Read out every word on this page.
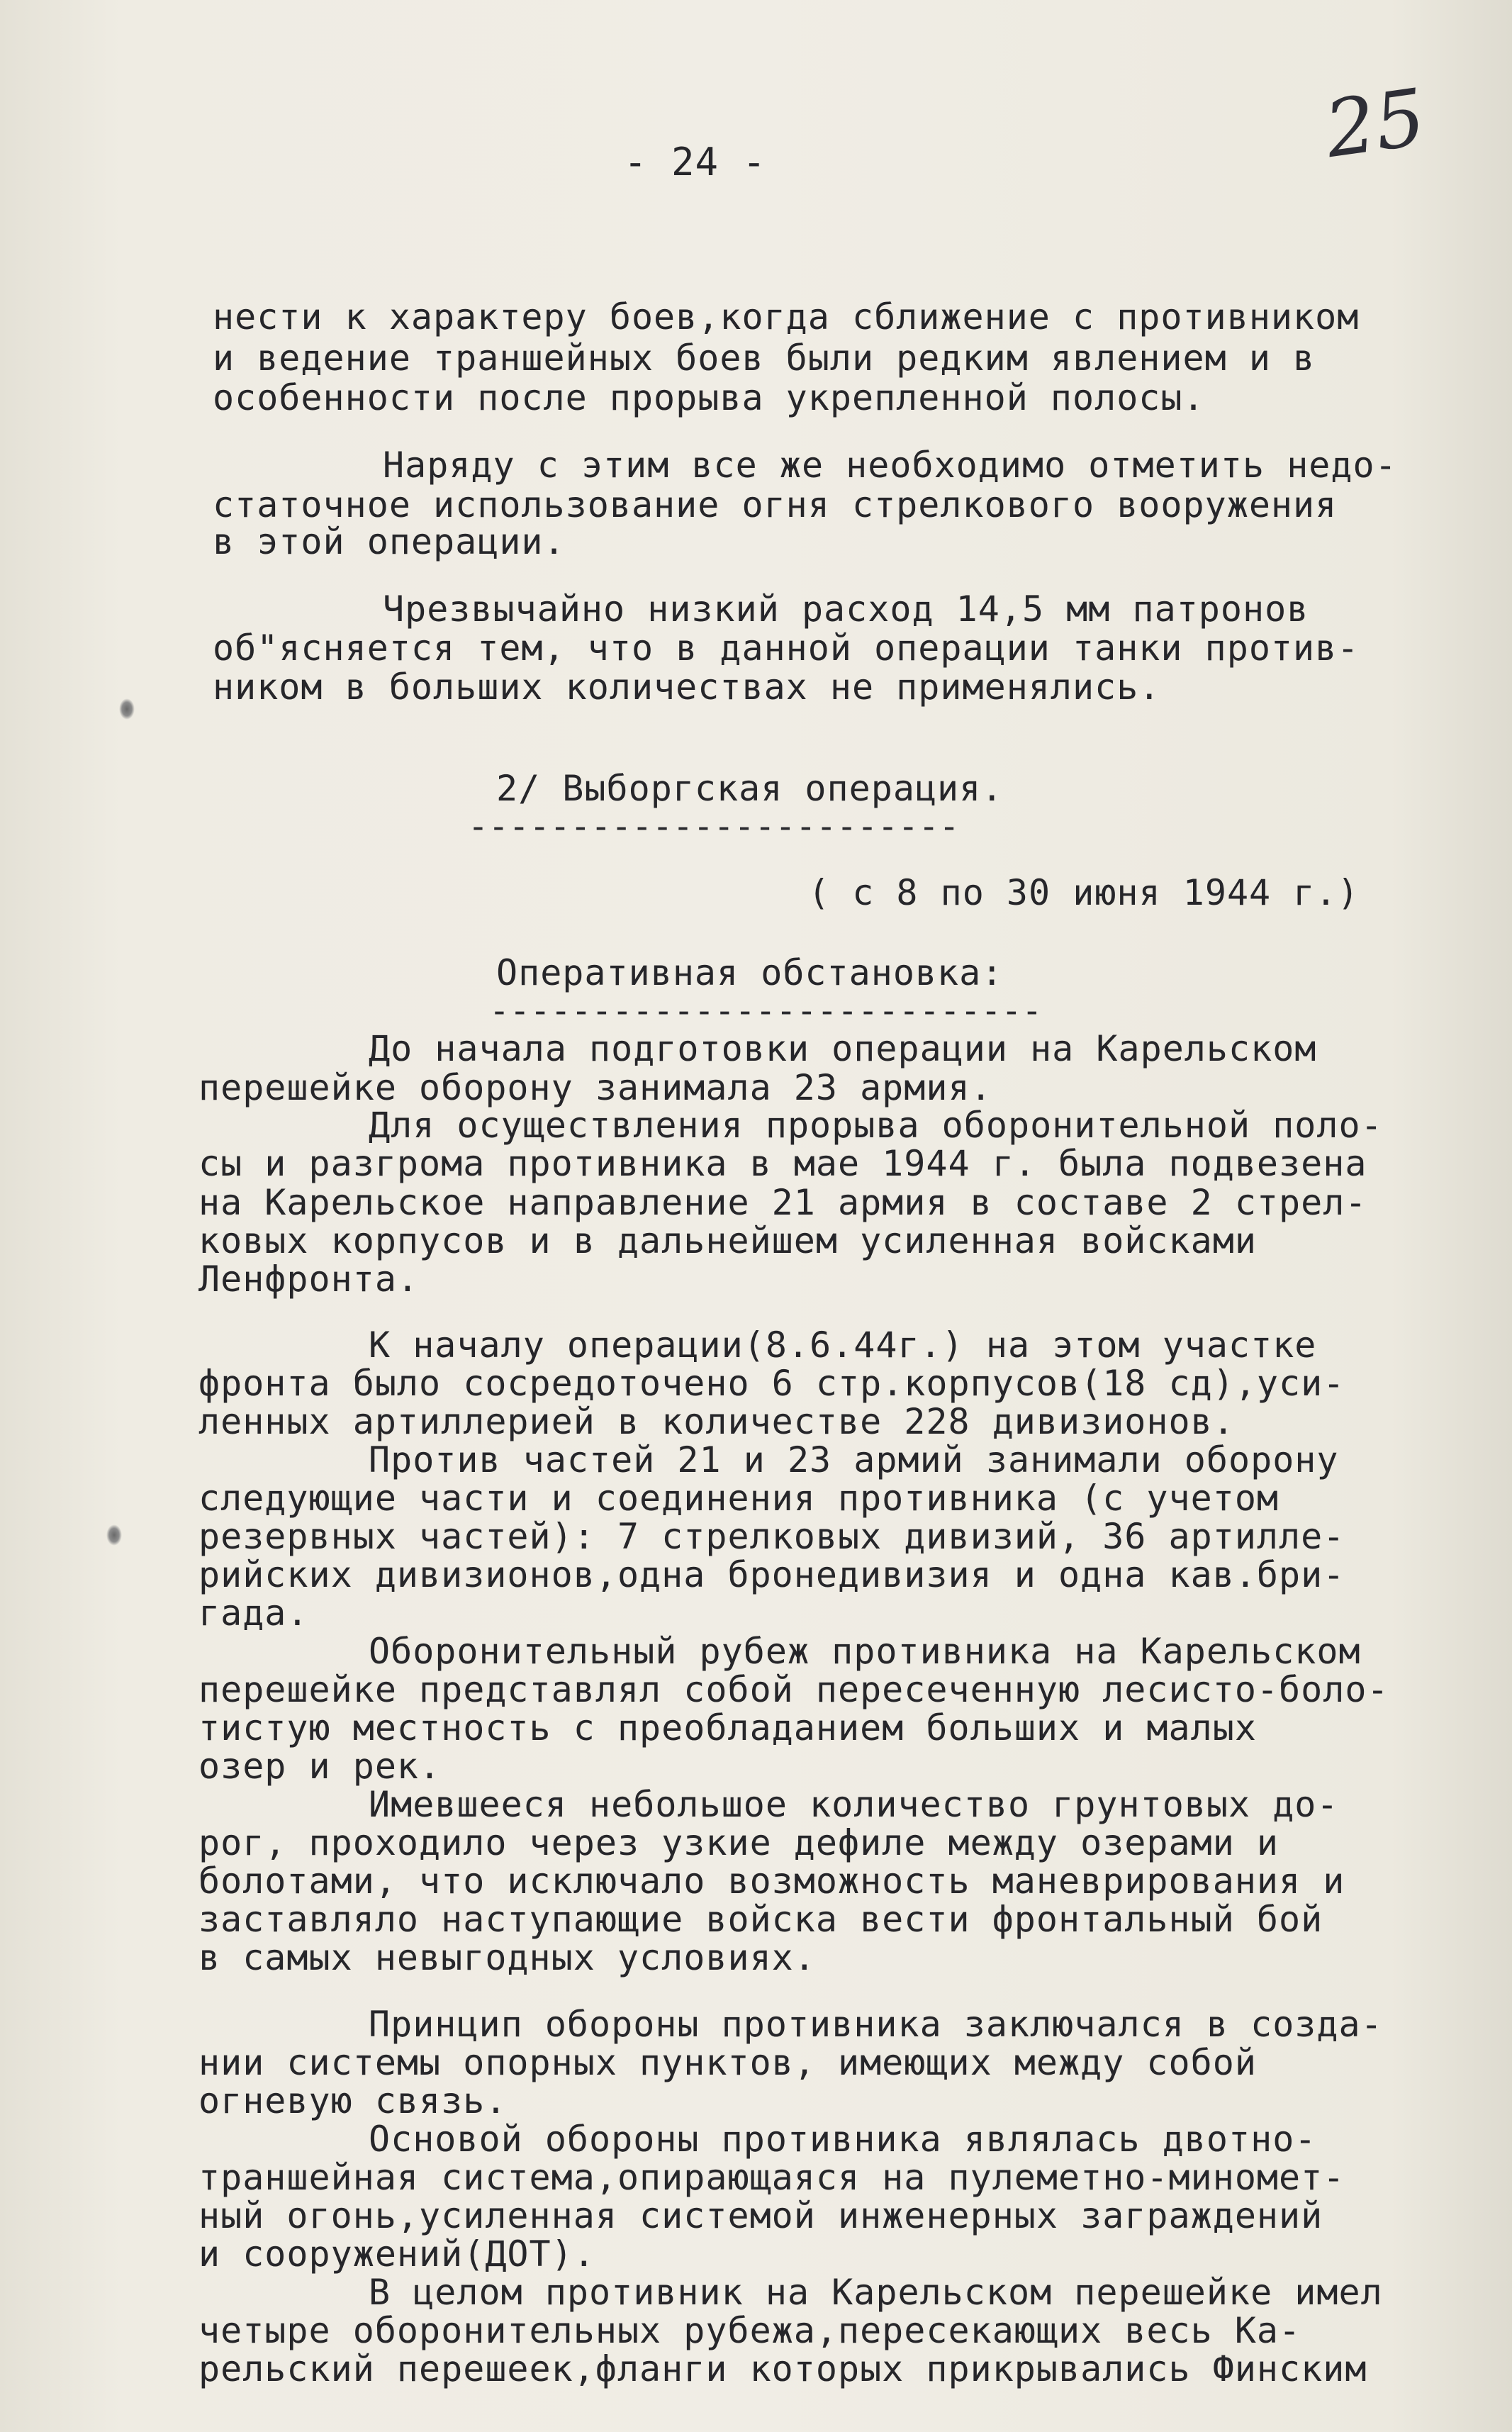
- 24 -	25
нести к характеру боев,когда сближение с противником
и ведение траншейных боев были редким явлением и в
особенности после прорыва укрепленной полосы.
Наряду с этим все же необходимо отметить недо-
статочное использование огня стрелкового вооружения
в этой операции.
Чрезвычайно низкий расход 14,5 мм патронов
об"ясняется тем, что в данной операции танки против-
ником в больших количествах не применялись.
2/ Выборгская операция.
------------------------
( с 8 по 30 июня 1944 г.)
Оперативная обстановка:
---------------------------
До начала подготовки операции на Карельском
перешейке оборону занимала 23 армия.
Для осуществления прорыва оборонительной поло-
сы и разгрома противника в мае 1944 г. была подвезена
на Карельское направление 21 армия в составе 2 стрел-
ковых корпусов и в дальнейшем усиленная войсками
Ленфронта.
К началу операции(8.6.44г.) на этом участке
фронта было сосредоточено 6 стр.корпусов(18 сд),уси-
ленных артиллерией в количестве 228 дивизионов.
Против частей 21 и 23 армий занимали оборону
следующие части и соединения противника (с учетом
резервных частей): 7 стрелковых дивизий, 36 артилле-
рийских дивизионов,одна бронедивизия и одна кав.бри-
гада.
Оборонительный рубеж противника на Карельском
перешейке представлял собой пересеченную лесисто-боло-
тистую местность с преобладанием больших и малых
озер и рек.
Имевшееся небольшое количество грунтовых до-
рог, проходило через узкие дефиле между озерами и
болотами, что исключало возможность маневрирования и
заставляло наступающие войска вести фронтальный бой
в самых невыгодных условиях.
Принцип обороны противника заключался в созда-
нии системы опорных пунктов, имеющих между собой
огневую связь.
Основой обороны противника являлась двотно-
траншейная система,опирающаяся на пулеметно-миномет-
ный огонь,усиленная системой инженерных заграждений
и сооружений(ДОТ).
В целом противник на Карельском перешейке имел
четыре оборонительных рубежа,пересекающих весь Ка-
рельский перешеек,фланги которых прикрывались Финским
